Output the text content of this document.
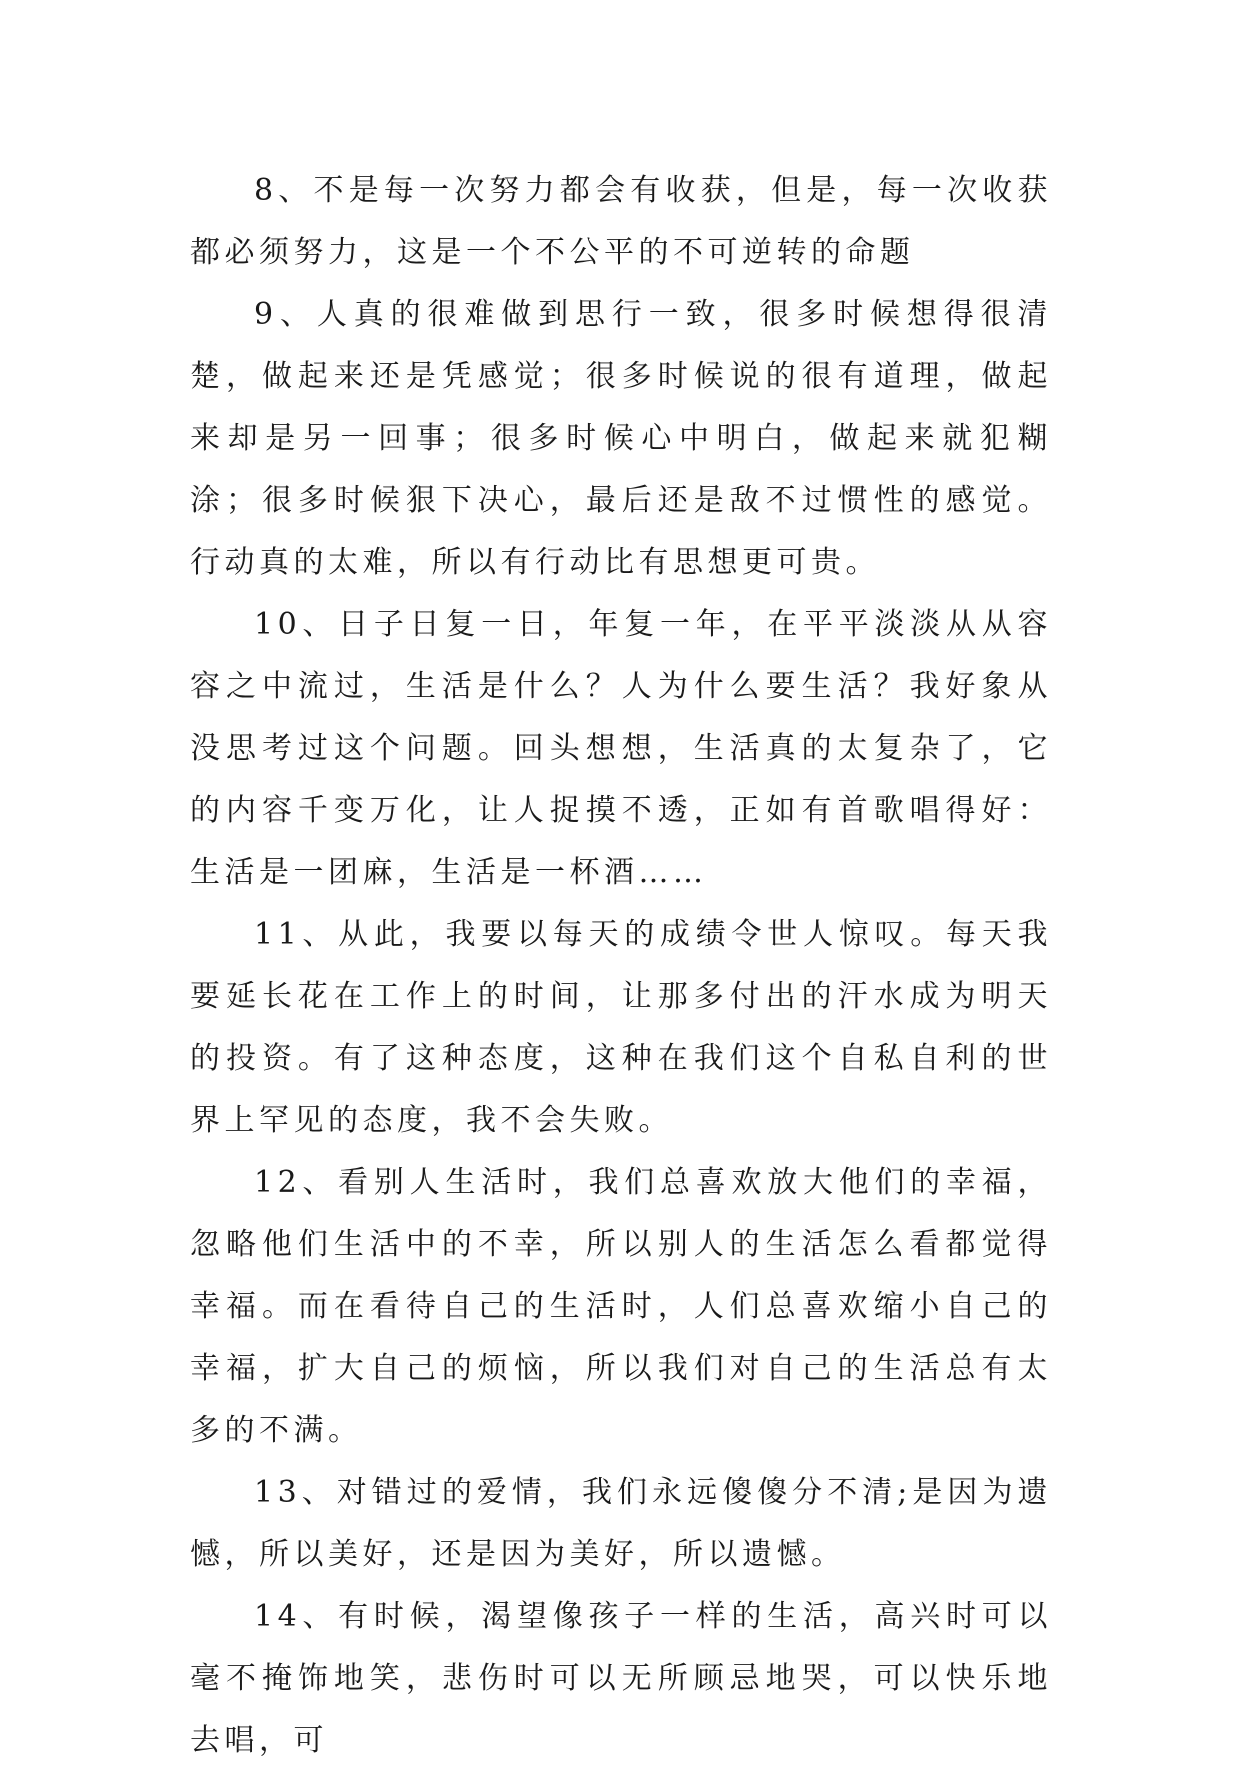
8、不是每一次努力都会有收获，但是，每一次收获都必须努力，这是一个不公平的不可逆转的命题

9、人真的很难做到思行一致，很多时候想得很清楚，做起来还是凭感觉；很多时候说的很有道理，做起来却是另一回事；很多时候心中明白，做起来就犯糊涂；很多时候狠下决心，最后还是敌不过惯性的感觉。行动真的太难，所以有行动比有思想更可贵。

10、日子日复一日，年复一年，在平平淡淡从从容容之中流过，生活是什么？人为什么要生活？我好象从没思考过这个问题。回头想想，生活真的太复杂了，它的内容千变万化，让人捉摸不透，正如有首歌唱得好：生活是一团麻，生活是一杯酒……

11、从此，我要以每天的成绩令世人惊叹。每天我要延长花在工作上的时间，让那多付出的汗水成为明天的投资。有了这种态度，这种在我们这个自私自利的世界上罕见的态度，我不会失败。

12、看别人生活时，我们总喜欢放大他们的幸福，忽略他们生活中的不幸，所以别人的生活怎么看都觉得幸福。而在看待自己的生活时，人们总喜欢缩小自己的幸福，扩大自己的烦恼，所以我们对自己的生活总有太多的不满。

13、对错过的爱情，我们永远傻傻分不清;是因为遗憾，所以美好，还是因为美好，所以遗憾。

14、有时候，渴望像孩子一样的生活，高兴时可以毫不掩饰地笑，悲伤时可以无所顾忌地哭，可以快乐地去唱，可
